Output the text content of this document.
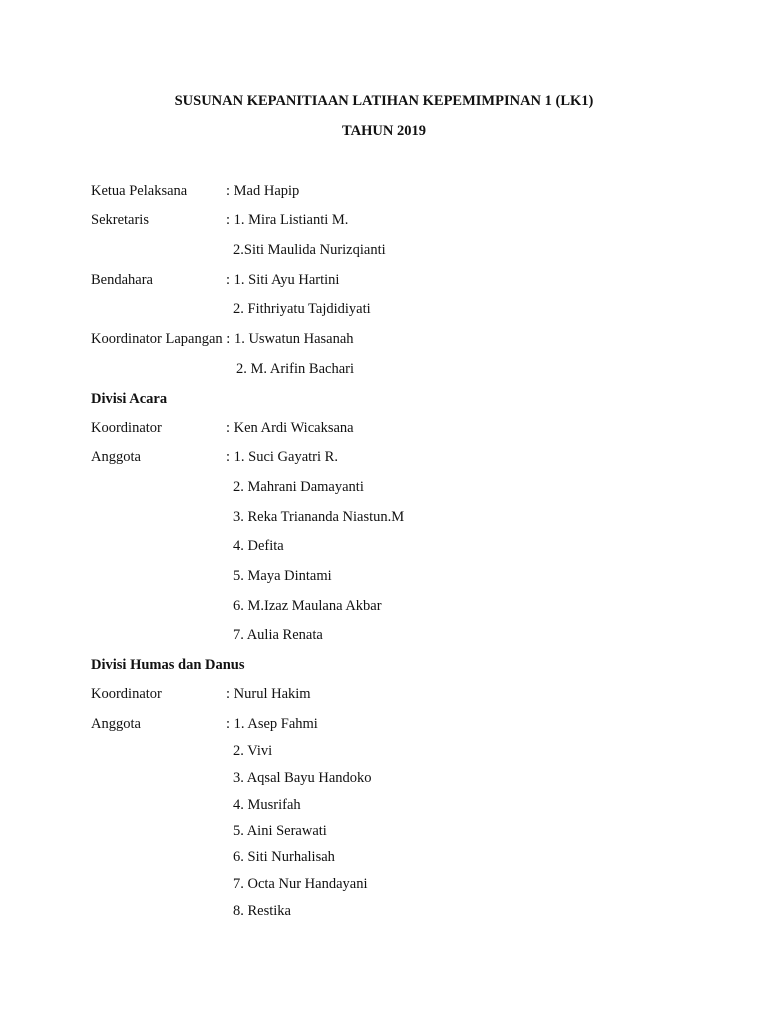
SUSUNAN KEPANITIAAN LATIHAN KEPEMIMPINAN 1 (LK1)
TAHUN 2019
Ketua Pelaksana	: Mad Hapip
Sekretaris	: 1. Mira Listianti M.
2.Siti Maulida Nurizqianti
Bendahara	: 1. Siti Ayu Hartini
2. Fithriyatu Tajdidiyati
Koordinator Lapangan : 1. Uswatun Hasanah
2. M. Arifin Bachari
Divisi Acara
Koordinator	: Ken Ardi Wicaksana
Anggota	: 1. Suci Gayatri R.
2. Mahrani Damayanti
3. Reka Triananda Niastun.M
4. Defita
5. Maya Dintami
6. M.Izaz Maulana Akbar
7. Aulia Renata
Divisi Humas dan Danus
Koordinator	: Nurul Hakim
Anggota	: 1. Asep Fahmi
2. Vivi
3. Aqsal Bayu Handoko
4. Musrifah
5. Aini Serawati
6. Siti Nurhalisah
7. Octa Nur Handayani
8. Restika
